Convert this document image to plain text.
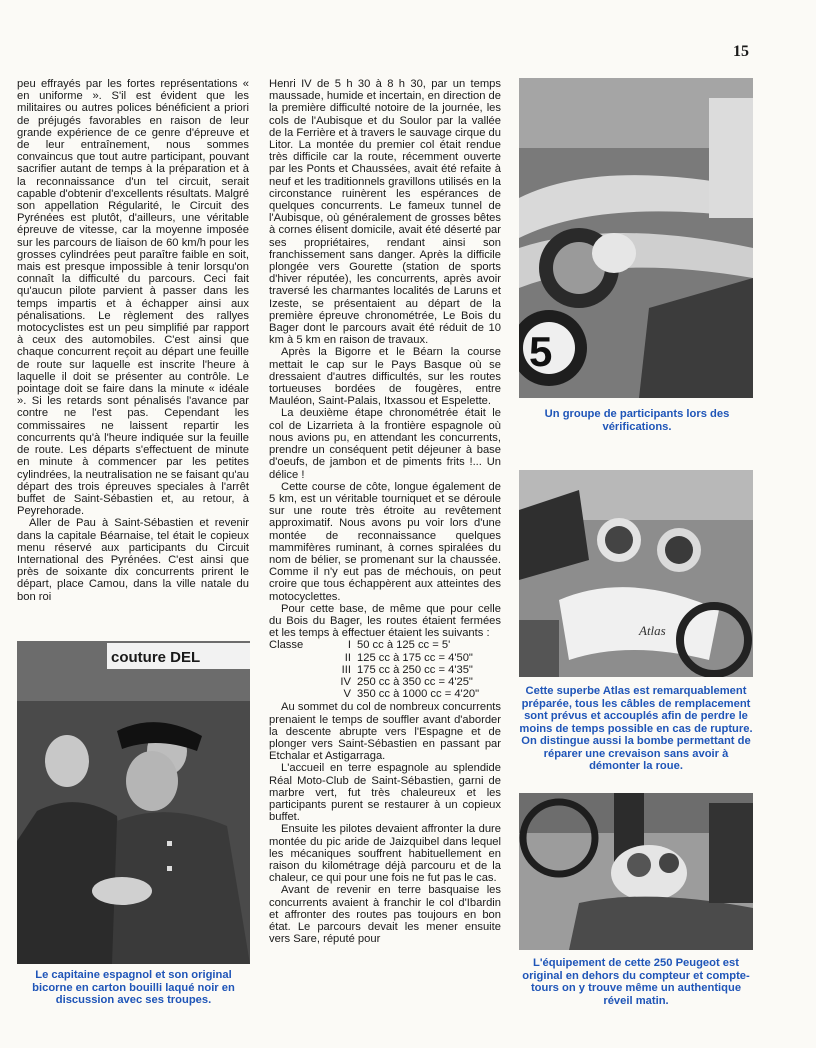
15

peu effrayés par les fortes représentations « en uniforme ». S'il est évident que les militaires ou autres polices bénéficient a priori de préjugés favorables en raison de leur grande expérience de ce genre d'épreuve et de leur entraînement, nous sommes convaincus que tout autre participant, pouvant sacrifier autant de temps à la préparation et à la reconnaissance d'un tel circuit, serait capable d'obtenir d'excellents résultats. Malgré son appellation Régularité, le Circuit des Pyrénées est plutôt, d'ailleurs, une véritable épreuve de vitesse, car la moyenne imposée sur les parcours de liaison de 60 km/h pour les grosses cylindrées peut paraître faible en soit, mais est presque impossible à tenir lorsqu'on connaît la difficulté du parcours. Ceci fait qu'aucun pilote parvient à passer dans les temps impartis et à échapper ainsi aux pénalisations. Le règlement des rallyes motocyclistes est un peu simplifié par rapport à ceux des automobiles. C'est ainsi que chaque concurrent reçoit au départ une feuille de route sur laquelle est inscrite l'heure à laquelle il doit se présenter au contrôle. Le pointage doit se faire dans la minute « idéale ». Si les retards sont pénalisés l'avance par contre ne l'est pas. Cependant les commissaires ne laissent repartir les concurrents qu'à l'heure indiquée sur la feuille de route. Les départs s'effectuent de minute en minute à commencer par les petites cylindrées, la neutralisation ne se faisant qu'au départ des trois épreuves speciales à l'arrêt buffet de Saint-Sébastien et, au retour, à Peyrehorade.

Aller de Pau à Saint-Sébastien et revenir dans la capitale Béarnaise, tel était le copieux menu réservé aux participants du Circuit International des Pyrénées. C'est ainsi que près de soixante dix concurrents prirent le départ, place Camou, dans la ville natale du bon roi

Henri IV de 5 h 30 à 8 h 30, par un temps maussade, humide et incertain, en direction de la première difficulté notoire de la journée, les cols de l'Aubisque et du Soulor par la vallée de la Ferrière et à travers le sauvage cirque du Litor. La montée du premier col était rendue très difficile car la route, récemment ouverte par les Ponts et Chaussées, avait été refaite à neuf et les traditionnels gravillons utilisés en la circonstance ruinèrent les espérances de quelques concurrents. Le fameux tunnel de l'Aubisque, où généralement de grosses bêtes à cornes élisent domicile, avait été déserté par ses propriétaires, rendant ainsi son franchissement sans danger. Après la difficile plongée vers Gourette (station de sports d'hiver réputée), les concurrents, après avoir traversé les charmantes localités de Laruns et Izeste, se présentaient au départ de la première épreuve chronométrée, Le Bois du Bager dont le parcours avait été réduit de 10 km à 5 km en raison de travaux.

Après la Bigorre et le Béarn la course mettait le cap sur le Pays Basque où se dressaient d'autres difficultés, sur les routes tortueuses bordées de fougères, entre Mauléon, Saint-Palais, Itxassou et Espelette.

La deuxième étape chronométrée était le col de Lizarrieta à la frontière espagnole où nous avions pu, en attendant les concurrents, prendre un conséquent petit déjeuner à base d'oeufs, de jambon et de piments frits !... Un délice !

Cette course de côte, longue également de 5 km, est un véritable tourniquet et se déroule sur une route très étroite au revêtement approximatif. Nous avons pu voir lors d'une montée de reconnaissance quelques mammifères ruminant, à cornes spiralées du nom de bélier, se promenant sur la chaussée. Comme il n'y eut pas de méchouis, on peut croire que tous échappèrent aux atteintes des motocyclettes.

Pour cette base, de même que pour celle du Bois du Bager, les routes étaient fermées et les temps à effectuer étaient les suivants :

Classe	I 50 cc à 125 cc = 5'
II 125 cc à 175 cc = 4'50"
III 175 cc à 250 cc = 4'35"
IV 250 cc à 350 cc = 4'25"
V 350 cc à 1000 cc = 4'20"

Au sommet du col de nombreux concurrents prenaient le temps de souffler avant d'aborder la descente abrupte vers l'Espagne et de plonger vers Saint-Sébastien en passant par Etchalar et Astigarraga.

L'accueil en terre espagnole au splendide Réal Moto-Club de Saint-Sébastien, garni de marbre vert, fut très chaleureux et les participants purent se restaurer à un copieux buffet.

Ensuite les pilotes devaient affronter la dure montée du pic aride de Jaizquibel dans lequel les mécaniques souffrent habituellement en raison du kilométrage déjà parcouru et de la chaleur, ce qui pour une fois ne fut pas le cas.

Avant de revenir en terre basquaise les concurrents avaient à franchir le col d'Ibardin et affronter des routes pas toujours en bon état. Le parcours devait les mener ensuite vers Sare, réputé pour

couture DEL
Le capitaine espagnol et son original bicorne en carton bouilli laqué noir en discussion avec ses troupes.
5
Un groupe de participants lors des vérifications.
Atlas
Cette superbe Atlas est remarquablement préparée, tous les câbles de remplacement sont prévus et accouplés afin de perdre le moins de temps possible en cas de rupture. On distingue aussi la bombe permettant de réparer une crevaison sans avoir à démonter la roue.
L'équipement de cette 250 Peugeot est original en dehors du compteur et compte-tours on y trouve même un authentique réveil matin.
